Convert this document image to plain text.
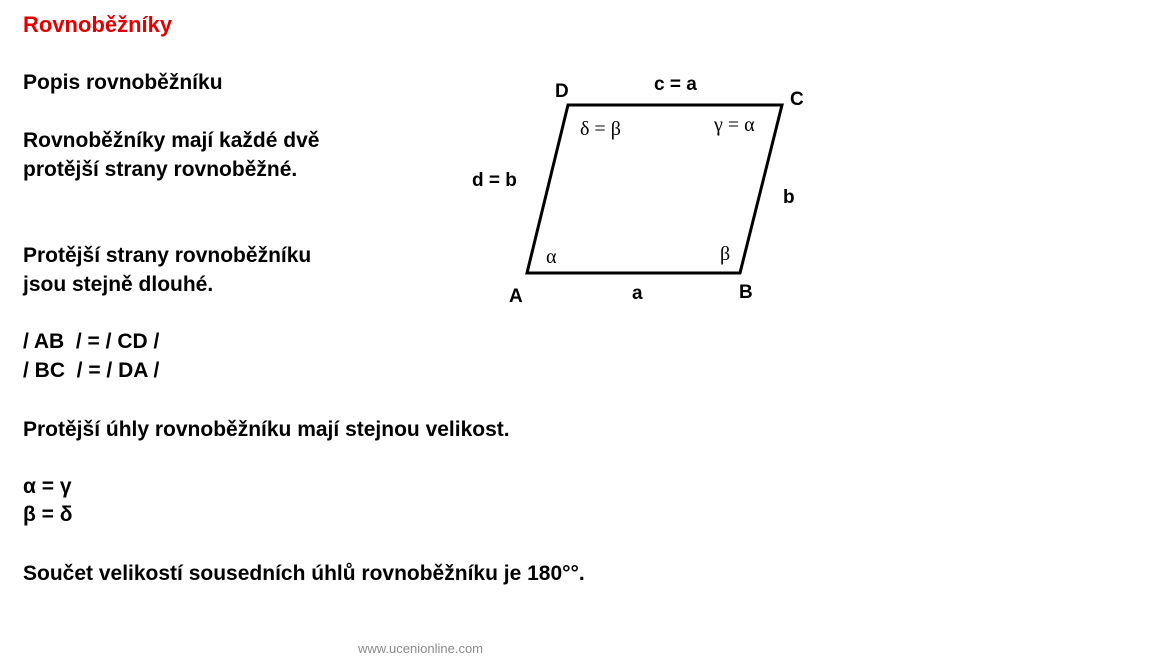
Rovnoběžníky
Popis rovnoběžníku
Rovnoběžníky mají každé dvě
protější strany rovnoběžné.
Protější strany rovnoběžníku
jsou stejně dlouhé.
/ AB  / = / CD /
/ BC  / = / DA /
Protější úhly rovnoběžníku mají stejnou velikost.
α = γ
β = δ
Součet velikostí sousedních úhlů rovnoběžníku je 180°°.
A	B
C
D
a
b
c = a
d = b
α	β
γ = α
δ = β
www.ucenionline.com
